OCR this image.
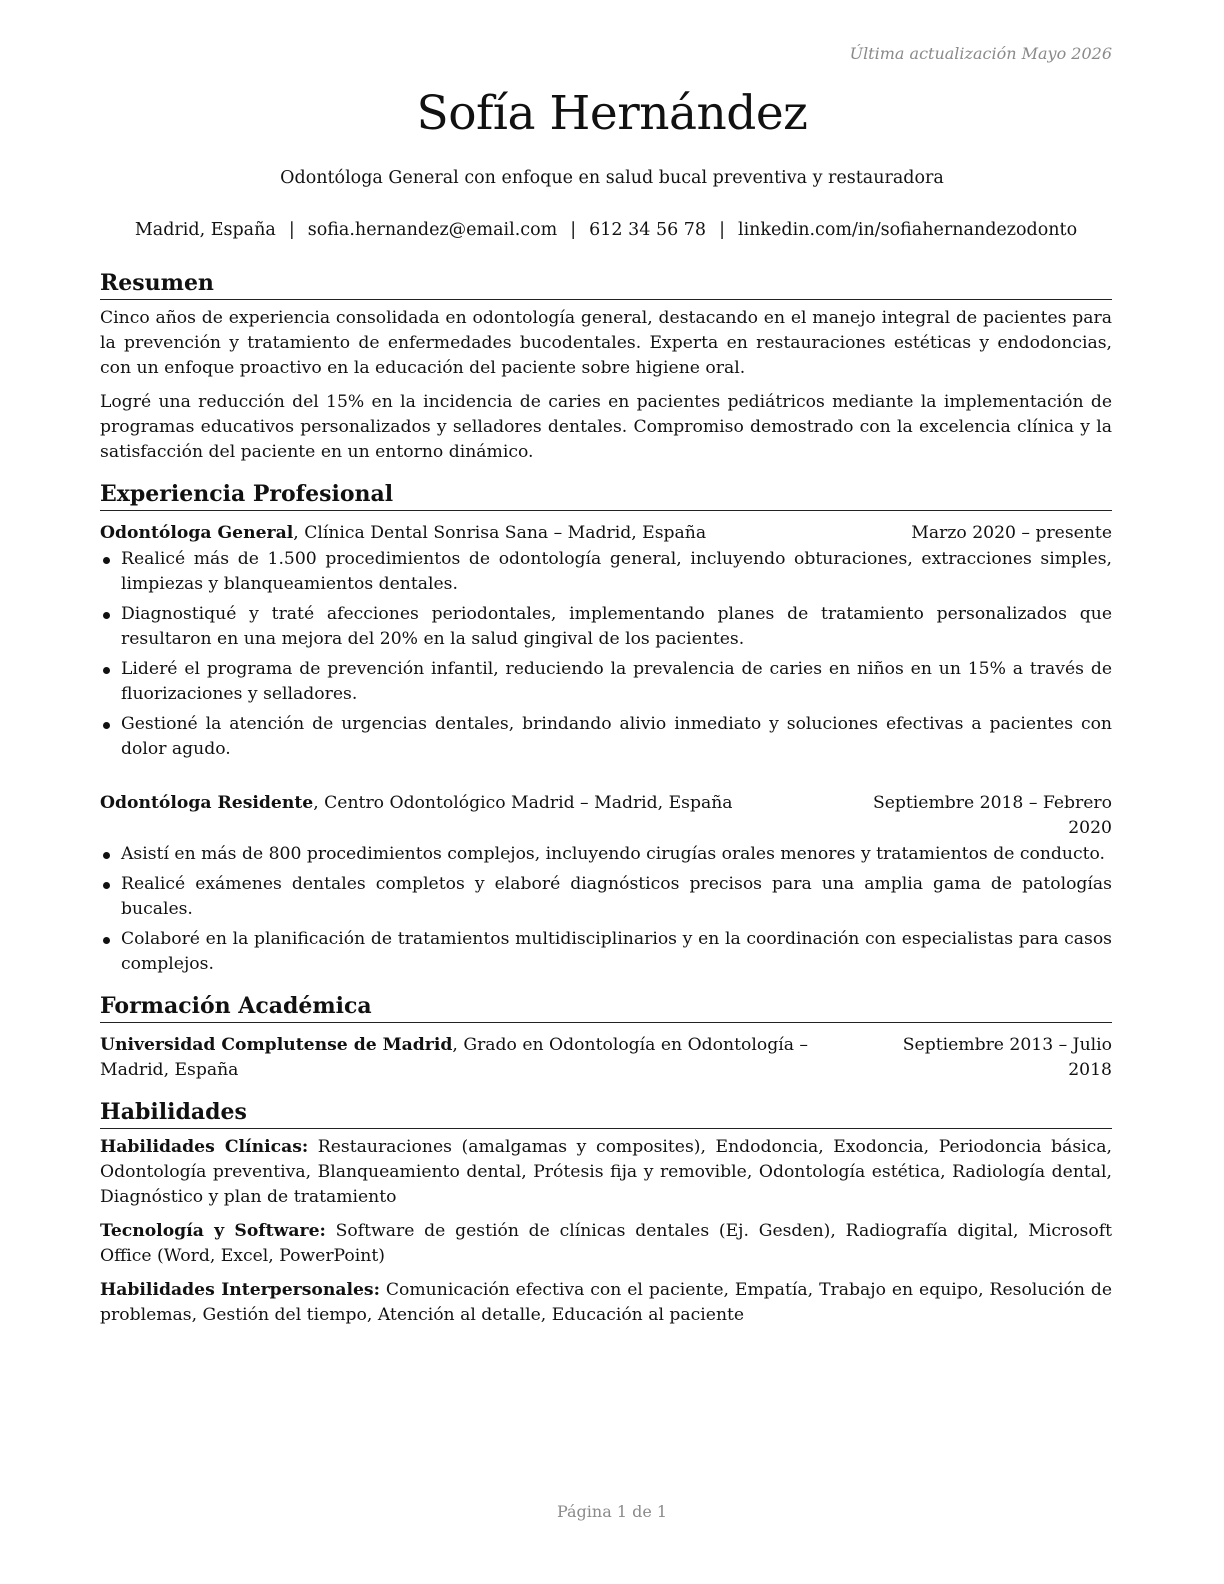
Última actualización Mayo 2026
Sofía Hernández
Odontóloga General con enfoque en salud bucal preventiva y restauradora
Madrid, España | sofia.hernandez@email.com | 612 34 56 78 | linkedin.com/in/sofiahernandezodonto
Resumen

Cinco años de experiencia consolidada en odontología general, destacando en el manejo integral de pacientes para la prevención y tratamiento de enfermedades bucodentales. Experta en restauraciones estéticas y endodoncias, con un enfoque proactivo en la educación del paciente sobre higiene oral.

Logré una reducción del 15% en la incidencia de caries en pacientes pediátricos mediante la implementación de programas educativos personalizados y selladores dentales. Compromiso demostrado con la excelencia clínica y la satisfacción del paciente en un entorno dinámico.

Experiencia Profesional
Odontóloga General, Clínica Dental Sonrisa Sana – Madrid, España	Marzo 2020 – presente
Realicé más de 1.500 procedimientos de odontología general, incluyendo obturaciones, extracciones simples, limpiezas y blanqueamientos dentales.
Diagnostiqué y traté afecciones periodontales, implementando planes de tratamiento personalizados que resultaron en una mejora del 20% en la salud gingival de los pacientes.
Lideré el programa de prevención infantil, reduciendo la prevalencia de caries en niños en un 15% a través de fluorizaciones y selladores.
Gestioné la atención de urgencias dentales, brindando alivio inmediato y soluciones efectivas a pacientes con dolor agudo.
Odontóloga Residente, Centro Odontológico Madrid – Madrid, España	Septiembre 2018 – Febrero 2020
Asistí en más de 800 procedimientos complejos, incluyendo cirugías orales menores y tratamientos de conducto.
Realicé exámenes dentales completos y elaboré diagnósticos precisos para una amplia gama de patologías bucales.
Colaboré en la planificación de tratamientos multidisciplinarios y en la coordinación con especialistas para casos complejos.
Formación Académica
Universidad Complutense de Madrid, Grado en Odontología en Odontología – Madrid, España
Septiembre 2013 – Julio 2018
Habilidades

Habilidades Clínicas: Restauraciones (amalgamas y composites), Endodoncia, Exodoncia, Periodoncia básica, Odontología preventiva, Blanqueamiento dental, Prótesis fija y removible, Odontología estética, Radiología dental, Diagnóstico y plan de tratamiento

Tecnología y Software: Software de gestión de clínicas dentales (Ej. Gesden), Radiografía digital, Microsoft Office (Word, Excel, PowerPoint)

Habilidades Interpersonales: Comunicación efectiva con el paciente, Empatía, Trabajo en equipo, Resolución de problemas, Gestión del tiempo, Atención al detalle, Educación al paciente

Página 1 de 1
